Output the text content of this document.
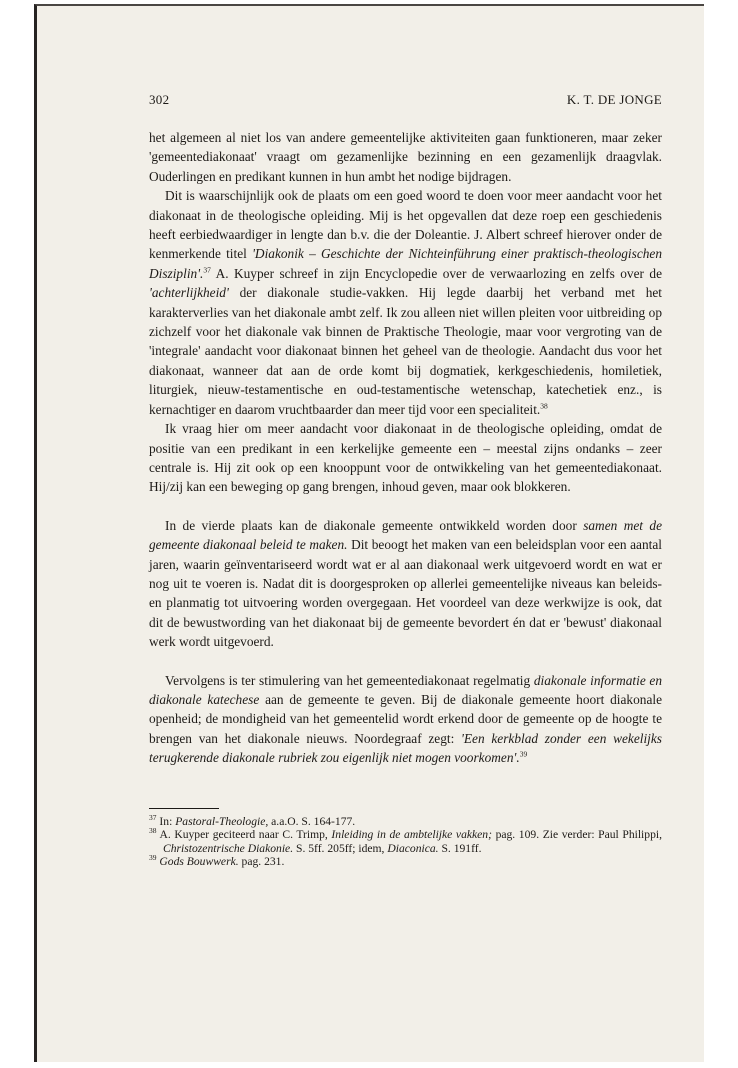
302	K. T. DE JONGE

het algemeen al niet los van andere gemeentelijke aktiviteiten gaan funktioneren, maar zeker 'gemeentediakonaat' vraagt om gezamenlijke bezinning en een gezamenlijk draagvlak. Ouderlingen en predikant kunnen in hun ambt het nodige bijdragen.

Dit is waarschijnlijk ook de plaats om een goed woord te doen voor meer aandacht voor het diakonaat in de theologische opleiding. Mij is het opgevallen dat deze roep een geschiedenis heeft eerbiedwaardiger in lengte dan b.v. die der Doleantie. J. Albert schreef hierover onder de kenmerkende titel 'Diakonik – Geschichte der Nichteinführung einer praktisch-theologischen Disziplin'.$^{37}$ A. Kuyper schreef in zijn Encyclopedie over de verwaarlozing en zelfs over de 'achterlijkheid' der diakonale studie-vakken. Hij legde daarbij het verband met het karakterverlies van het diakonale ambt zelf. Ik zou alleen niet willen pleiten voor uitbreiding op zichzelf voor het diakonale vak binnen de Praktische Theologie, maar voor vergroting van de 'integrale' aandacht voor diakonaat binnen het geheel van de theologie. Aandacht dus voor het diakonaat, wanneer dat aan de orde komt bij dogmatiek, kerkgeschiedenis, homiletiek, liturgiek, nieuw-testamentische en oud-testamentische wetenschap, katechetiek enz., is kernachtiger en daarom vruchtbaarder dan meer tijd voor een specialiteit.$^{38}$

Ik vraag hier om meer aandacht voor diakonaat in de theologische opleiding, omdat de positie van een predikant in een kerkelijke gemeente een – meestal zijns ondanks – zeer centrale is. Hij zit ook op een knooppunt voor de ontwikkeling van het gemeentediakonaat. Hij/zij kan een beweging op gang brengen, inhoud geven, maar ook blokkeren.

In de vierde plaats kan de diakonale gemeente ontwikkeld worden door samen met de gemeente diakonaal beleid te maken. Dit beoogt het maken van een beleidsplan voor een aantal jaren, waarin geïnventariseerd wordt wat er al aan diakonaal werk uitgevoerd wordt en wat er nog uit te voeren is. Nadat dit is doorgesproken op allerlei gemeentelijke niveaus kan beleids- en planmatig tot uitvoering worden overgegaan. Het voordeel van deze werkwijze is ook, dat dit de bewustwording van het diakonaat bij de gemeente bevordert én dat er 'bewust' diakonaal werk wordt uitgevoerd.

Vervolgens is ter stimulering van het gemeentediakonaat regelmatig diakonale informatie en diakonale katechese aan de gemeente te geven. Bij de diakonale gemeente hoort diakonale openheid; de mondigheid van het gemeentelid wordt erkend door de gemeente op de hoogte te brengen van het diakonale nieuws. Noordegraaf zegt: 'Een kerkblad zonder een wekelijks terugkerende diakonale rubriek zou eigenlijk niet mogen voorkomen'.$^{39}$

$^{37}$ In: Pastoral-Theologie, a.a.O. S. 164-177.
$^{38}$ A. Kuyper geciteerd naar C. Trimp, Inleiding in de ambtelijke vakken; pag. 109. Zie verder: Paul Philippi, Christozentrische Diakonie. S. 5ff. 205ff; idem, Diaconica. S. 191ff.
$^{39}$ Gods Bouwwerk. pag. 231.
